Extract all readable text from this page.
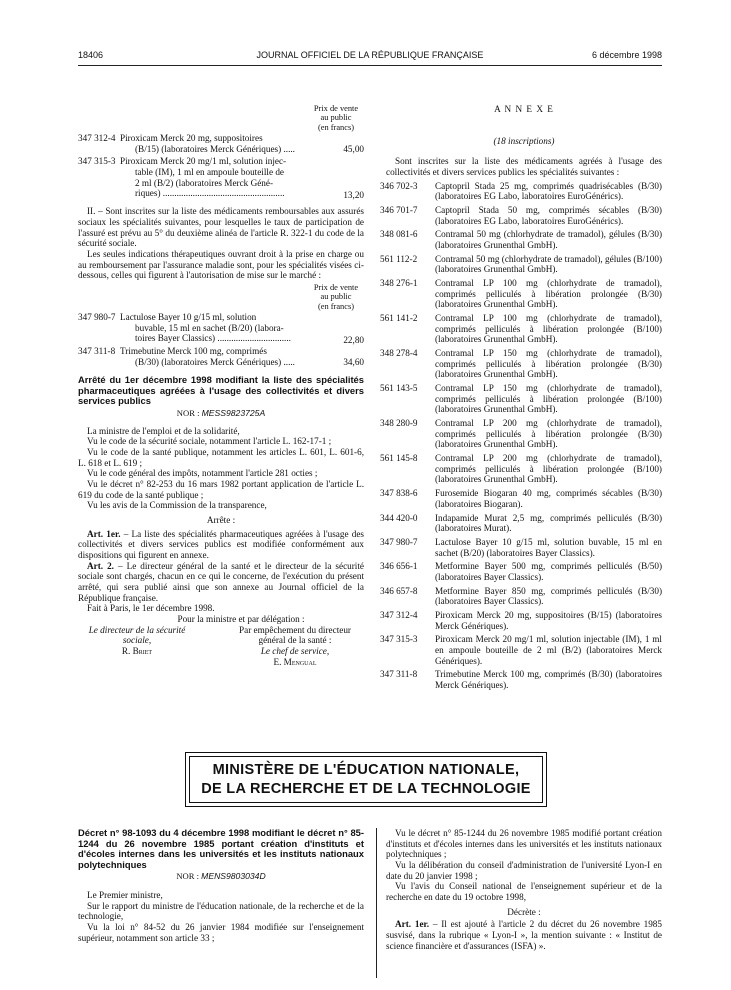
18406	JOURNAL OFFICIEL DE LA RÉPUBLIQUE FRANÇAISE	6 décembre 1998
Prix de vente
au public
(en francs)
347 312-4 Piroxicam Merck 20 mg, suppositoires
(B/15) (laboratoires Merck Génériques) .....	45,00
347 315-3 Piroxicam Merck 20 mg/1 ml, solution injec-
table (IM), 1 ml en ampoule bouteille de
2 ml (B/2) (laboratoires Merck Géné-
riques) .....................................................	13,20

II. – Sont inscrites sur la liste des médicaments remboursables aux assurés sociaux les spécialités suivantes, pour lesquelles le taux de participation de l'assuré est prévu au 5° du deuxième alinéa de l'article R. 322-1 du code de la sécurité sociale.

Les seules indications thérapeutiques ouvrant droit à la prise en charge ou au remboursement par l'assurance maladie sont, pour les spécialités visées ci-dessous, celles qui figurent à l'autorisation de mise sur le marché :

Prix de vente
au public
(en francs)
347 980-7 Lactulose Bayer 10 g/15 ml, solution
buvable, 15 ml en sachet (B/20) (labora-
toires Bayer Classics) ................................	22,80
347 311-8 Trimebutine Merck 100 mg, comprimés
(B/30) (laboratoires Merck Génériques) .....	34,60

Arrêté du 1er décembre 1998 modifiant la liste des spécialités pharmaceutiques agréées à l'usage des collectivités et divers services publics

NOR : MESS9823725A

La ministre de l'emploi et de la solidarité,

Vu le code de la sécurité sociale, notamment l'article L. 162-17-1 ;

Vu le code de la santé publique, notamment les articles L. 601, L. 601-6, L. 618 et L. 619 ;

Vu le code général des impôts, notamment l'article 281 octies ;

Vu le décret n° 82-253 du 16 mars 1982 portant application de l'article L. 619 du code de la santé publique ;

Vu les avis de la Commission de la transparence,

Arrête :

Art. 1er. – La liste des spécialités pharmaceutiques agréées à l'usage des collectivités et divers services publics est modifiée conformément aux dispositions qui figurent en annexe.

Art. 2. – Le directeur général de la santé et le directeur de la sécurité sociale sont chargés, chacun en ce qui le concerne, de l'exécution du présent arrêté, qui sera publié ainsi que son annexe au Journal officiel de la République française.

Fait à Paris, le 1er décembre 1998.

Pour la ministre et par délégation :

Le directeur de la sécurité sociale,
R. Briet
Par empêchement du directeur général de la santé :
Le chef de service,
E. Mengual

A N N E X E

(18 inscriptions)

Sont inscrites sur la liste des médicaments agréés à l'usage des collectivités et divers services publics les spécialités suivantes :

346 702-3 Captopril Stada 25 mg, comprimés quadrisécables (B/30) (laboratoires EG Labo, laboratoires EuroGénérics).
346 701-7 Captopril Stada 50 mg, comprimés sécables (B/30) (laboratoires EG Labo, laboratoires EuroGénérics).
348 081-6 Contramal 50 mg (chlorhydrate de tramadol), gélules (B/30) (laboratoires Grunenthal GmbH).
561 112-2 Contramal 50 mg (chlorhydrate de tramadol), gélules (B/100) (laboratoires Grunenthal GmbH).
348 276-1 Contramal LP 100 mg (chlorhydrate de tramadol), comprimés pelliculés à libération prolongée (B/30) (laboratoires Grunenthal GmbH).
561 141-2 Contramal LP 100 mg (chlorhydrate de tramadol), comprimés pelliculés à libération prolongée (B/100) (laboratoires Grunenthal GmbH).
348 278-4 Contramal LP 150 mg (chlorhydrate de tramadol), comprimés pelliculés à libération prolongée (B/30) (laboratoires Grunenthal GmbH).
561 143-5 Contramal LP 150 mg (chlorhydrate de tramadol), comprimés pelliculés à libération prolongée (B/100) (laboratoires Grunenthal GmbH).
348 280-9 Contramal LP 200 mg (chlorhydrate de tramadol), comprimés pelliculés à libération prolongée (B/30) (laboratoires Grunenthal GmbH).
561 145-8 Contramal LP 200 mg (chlorhydrate de tramadol), comprimés pelliculés à libération prolongée (B/100) (laboratoires Grunenthal GmbH).
347 838-6 Furosemide Biogaran 40 mg, comprimés sécables (B/30) (laboratoires Biogaran).
344 420-0 Indapamide Murat 2,5 mg, comprimés pelliculés (B/30) (laboratoires Murat).
347 980-7 Lactulose Bayer 10 g/15 ml, solution buvable, 15 ml en sachet (B/20) (laboratoires Bayer Classics).
346 656-1 Metformine Bayer 500 mg, comprimés pelliculés (B/50) (laboratoires Bayer Classics).
346 657-8 Metformine Bayer 850 mg, comprimés pelliculés (B/30) (laboratoires Bayer Classics).
347 312-4 Piroxicam Merck 20 mg, suppositoires (B/15) (laboratoires Merck Génériques).
347 315-3 Piroxicam Merck 20 mg/1 ml, solution injectable (IM), 1 ml en ampoule bouteille de 2 ml (B/2) (laboratoires Merck Génériques).
347 311-8 Trimebutine Merck 100 mg, comprimés (B/30) (laboratoires Merck Génériques).
MINISTÈRE DE L'ÉDUCATION NATIONALE,
DE LA RECHERCHE ET DE LA TECHNOLOGIE

Décret n° 98-1093 du 4 décembre 1998 modifiant le décret n° 85-1244 du 26 novembre 1985 portant création d'instituts et d'écoles internes dans les universités et les instituts nationaux polytechniques

NOR : MENS9803034D

Le Premier ministre,

Sur le rapport du ministre de l'éducation nationale, de la recherche et de la technologie,

Vu la loi n° 84-52 du 26 janvier 1984 modifiée sur l'enseignement supérieur, notamment son article 33 ;

Vu le décret n° 85-1244 du 26 novembre 1985 modifié portant création d'instituts et d'écoles internes dans les universités et les instituts nationaux polytechniques ;

Vu la délibération du conseil d'administration de l'université Lyon-I en date du 20 janvier 1998 ;

Vu l'avis du Conseil national de l'enseignement supérieur et de la recherche en date du 19 octobre 1998,

Décrète :

Art. 1er. – Il est ajouté à l'article 2 du décret du 26 novembre 1985 susvisé, dans la rubrique « Lyon-I », la mention suivante : « Institut de science financière et d'assurances (ISFA) ».
